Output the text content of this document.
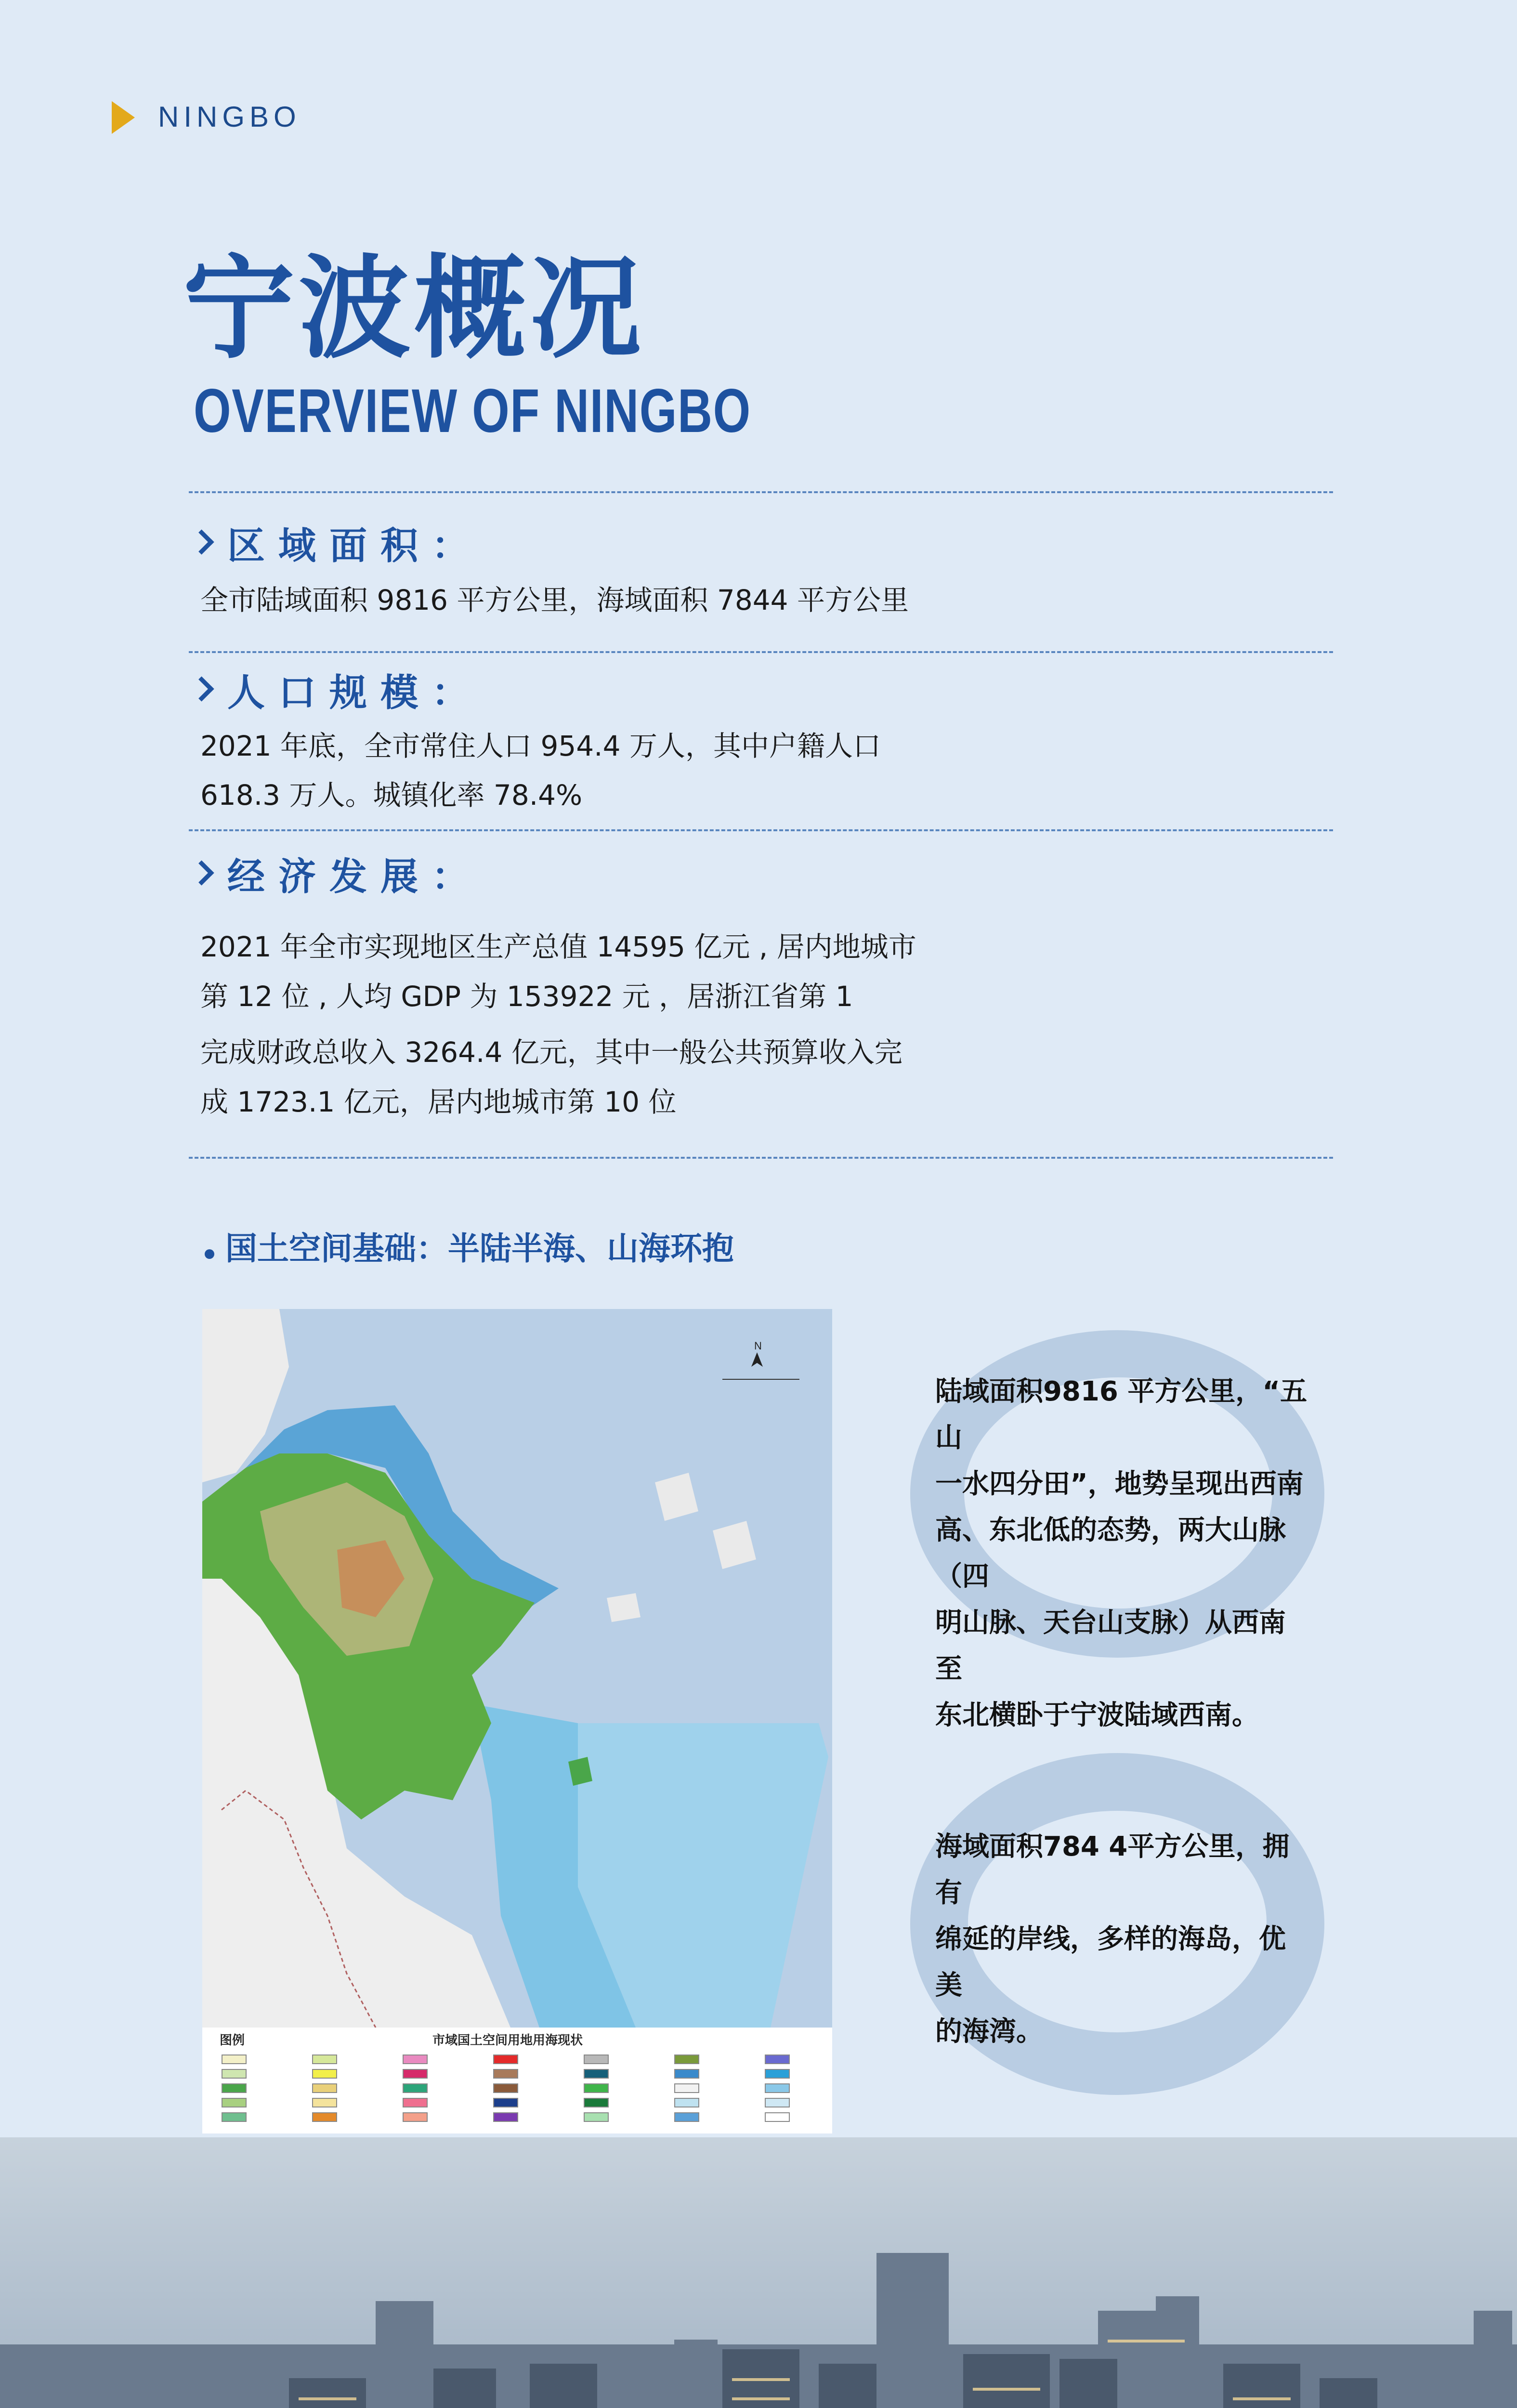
NINGBO
宁波概况
OVERVIEW OF NINGBO
区域面积：
全市陆域面积 9816 平方公里，海域面积 7844 平方公里
人口规模：
2021 年底，全市常住人口 954.4 万人，其中户籍人口
618.3 万人。城镇化率 78.4%
经济发展：
2021 年全市实现地区生产总值 14595 亿元 , 居内地城市
第 12 位 , 人均 GDP 为 153922 元 ，居浙江省第 1
完成财政总收入 3264.4 亿元，其中一般公共预算收入完
成 1723.1 亿元，居内地城市第 10 位
国土空间基础：半陆半海、山海环抱
N
图例	市域国土空间用地用海现状
陆域面积9816 平方公里，“五山
一水四分田”，地势呈现出西南
高、东北低的态势，两大山脉（四
明山脉、天台山支脉）从西南至
东北横卧于宁波陆域西南。
海域面积784 4平方公里，拥有
绵延的岸线，多样的海岛，优美
的海湾。
